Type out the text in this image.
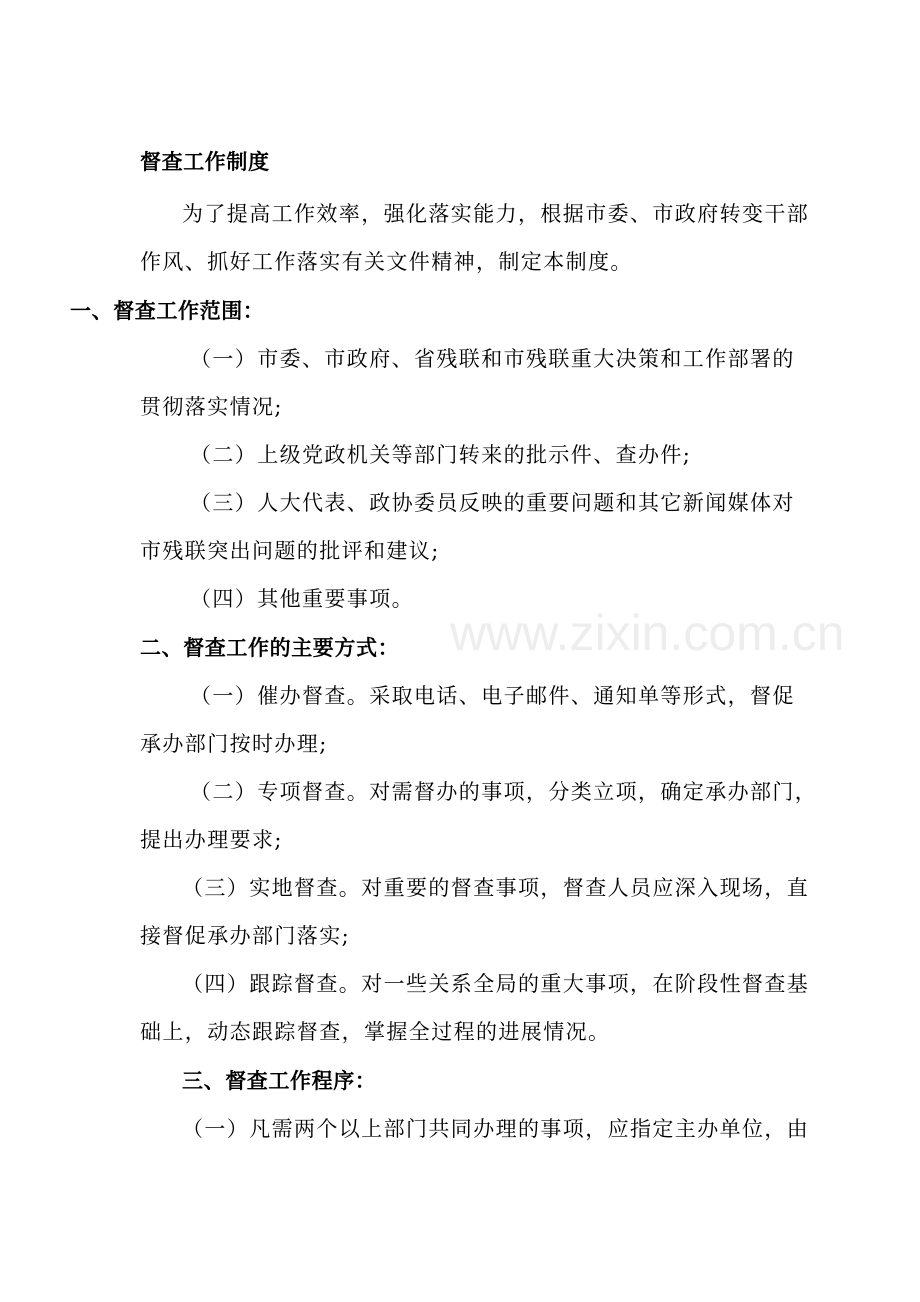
督查工作制度
为了提高工作效率，强化落实能力，根据市委、市政府转变干部
作风、抓好工作落实有关文件精神，制定本制度。
一、督查工作范围：
（一）市委、市政府、省残联和市残联重大决策和工作部署的
贯彻落实情况;
（二）上级党政机关等部门转来的批示件、查办件;
（三）人大代表、政协委员反映的重要问题和其它新闻媒体对
市残联突出问题的批评和建议;
（四）其他重要事项。
二、督查工作的主要方式：
（一）催办督查。采取电话、电子邮件、通知单等形式，督促
承办部门按时办理;
（二）专项督查。对需督办的事项，分类立项，确定承办部门，
提出办理要求;
（三）实地督查。对重要的督查事项，督查人员应深入现场，直
接督促承办部门落实;
（四）跟踪督查。对一些关系全局的重大事项，在阶段性督查基
础上，动态跟踪督查，掌握全过程的进展情况。
三、督查工作程序：
（一）凡需两个以上部门共同办理的事项，应指定主办单位，由
www.zixin.com.cn
